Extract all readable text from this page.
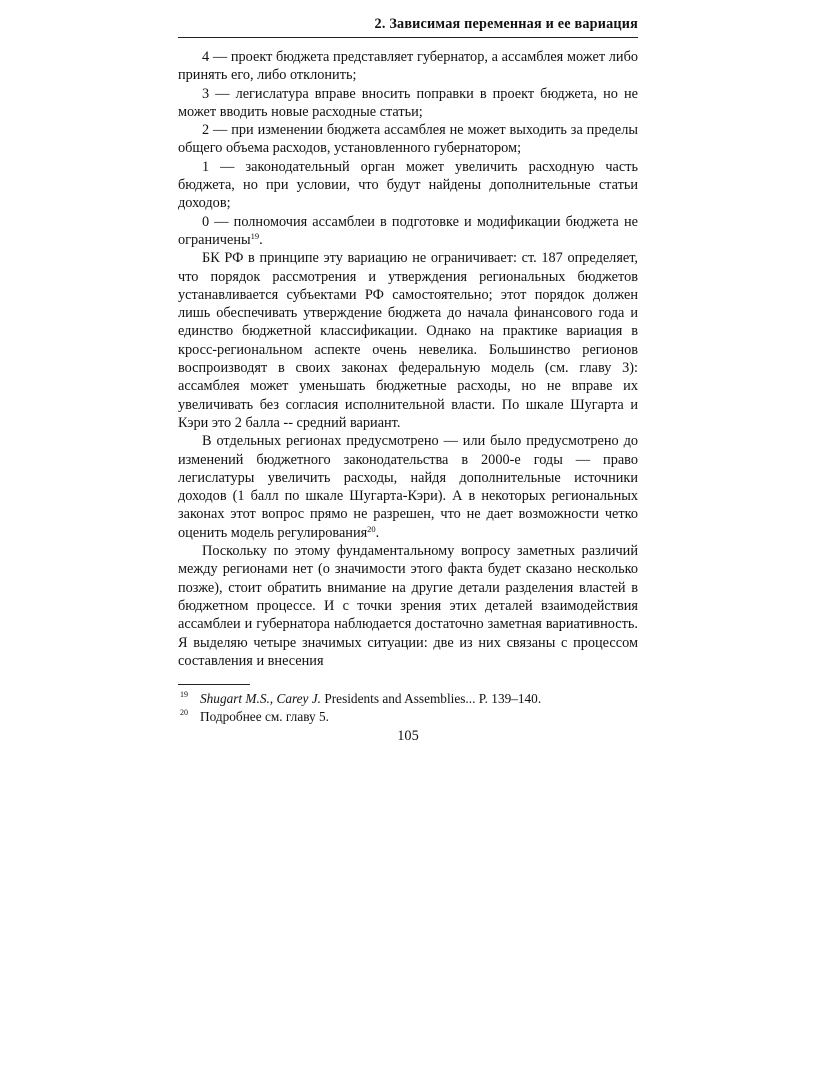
2. Зависимая переменная и ее вариация

4 — проект бюджета представляет губернатор, а ассамблея может либо принять его, либо отклонить;

3 — легислатура вправе вносить поправки в проект бюджета, но не может вводить новые расходные статьи;

2 — при изменении бюджета ассамблея не может выходить за пределы общего объема расходов, установленного губернатором;

1 — законодательный орган может увеличить расходную часть бюджета, но при условии, что будут найдены дополнительные статьи доходов;

0 — полномочия ассамблеи в подготовке и модификации бюджета не ограничены$^{19}$.

БК РФ в принципе эту вариацию не ограничивает: ст. 187 определяет, что порядок рассмотрения и утверждения региональных бюджетов устанавливается субъектами РФ самостоятельно; этот порядок должен лишь обеспечивать утверждение бюджета до начала финансового года и единство бюджетной классификации. Однако на практике вариация в кросс-региональном аспекте очень невелика. Большинство регионов воспроизводят в своих законах федеральную модель (см. главу 3): ассамблея может уменьшать бюджетные расходы, но не вправе их увеличивать без согласия исполнительной власти. По шкале Шугарта и Кэри это 2 балла -- средний вариант.

В отдельных регионах предусмотрено — или было предусмотрено до изменений бюджетного законодательства в 2000-е годы — право легислатуры увеличить расходы, найдя дополнительные источники доходов (1 балл по шкале Шугарта-Кэри). А в некоторых региональных законах этот вопрос прямо не разрешен, что не дает возможности четко оценить модель регулирования$^{20}$.

Поскольку по этому фундаментальному вопросу заметных различий между регионами нет (о значимости этого факта будет сказано несколько позже), стоит обратить внимание на другие детали разделения властей в бюджетном процессе. И с точки зрения этих деталей взаимодействия ассамблеи и губернатора наблюдается достаточно заметная вариативность. Я выделяю четыре значимых ситуации: две из них связаны с процессом составления и внесения

19 Shugart M.S., Carey J. Presidents and Assemblies... P. 139–140.
20 Подробнее см. главу 5.
105
